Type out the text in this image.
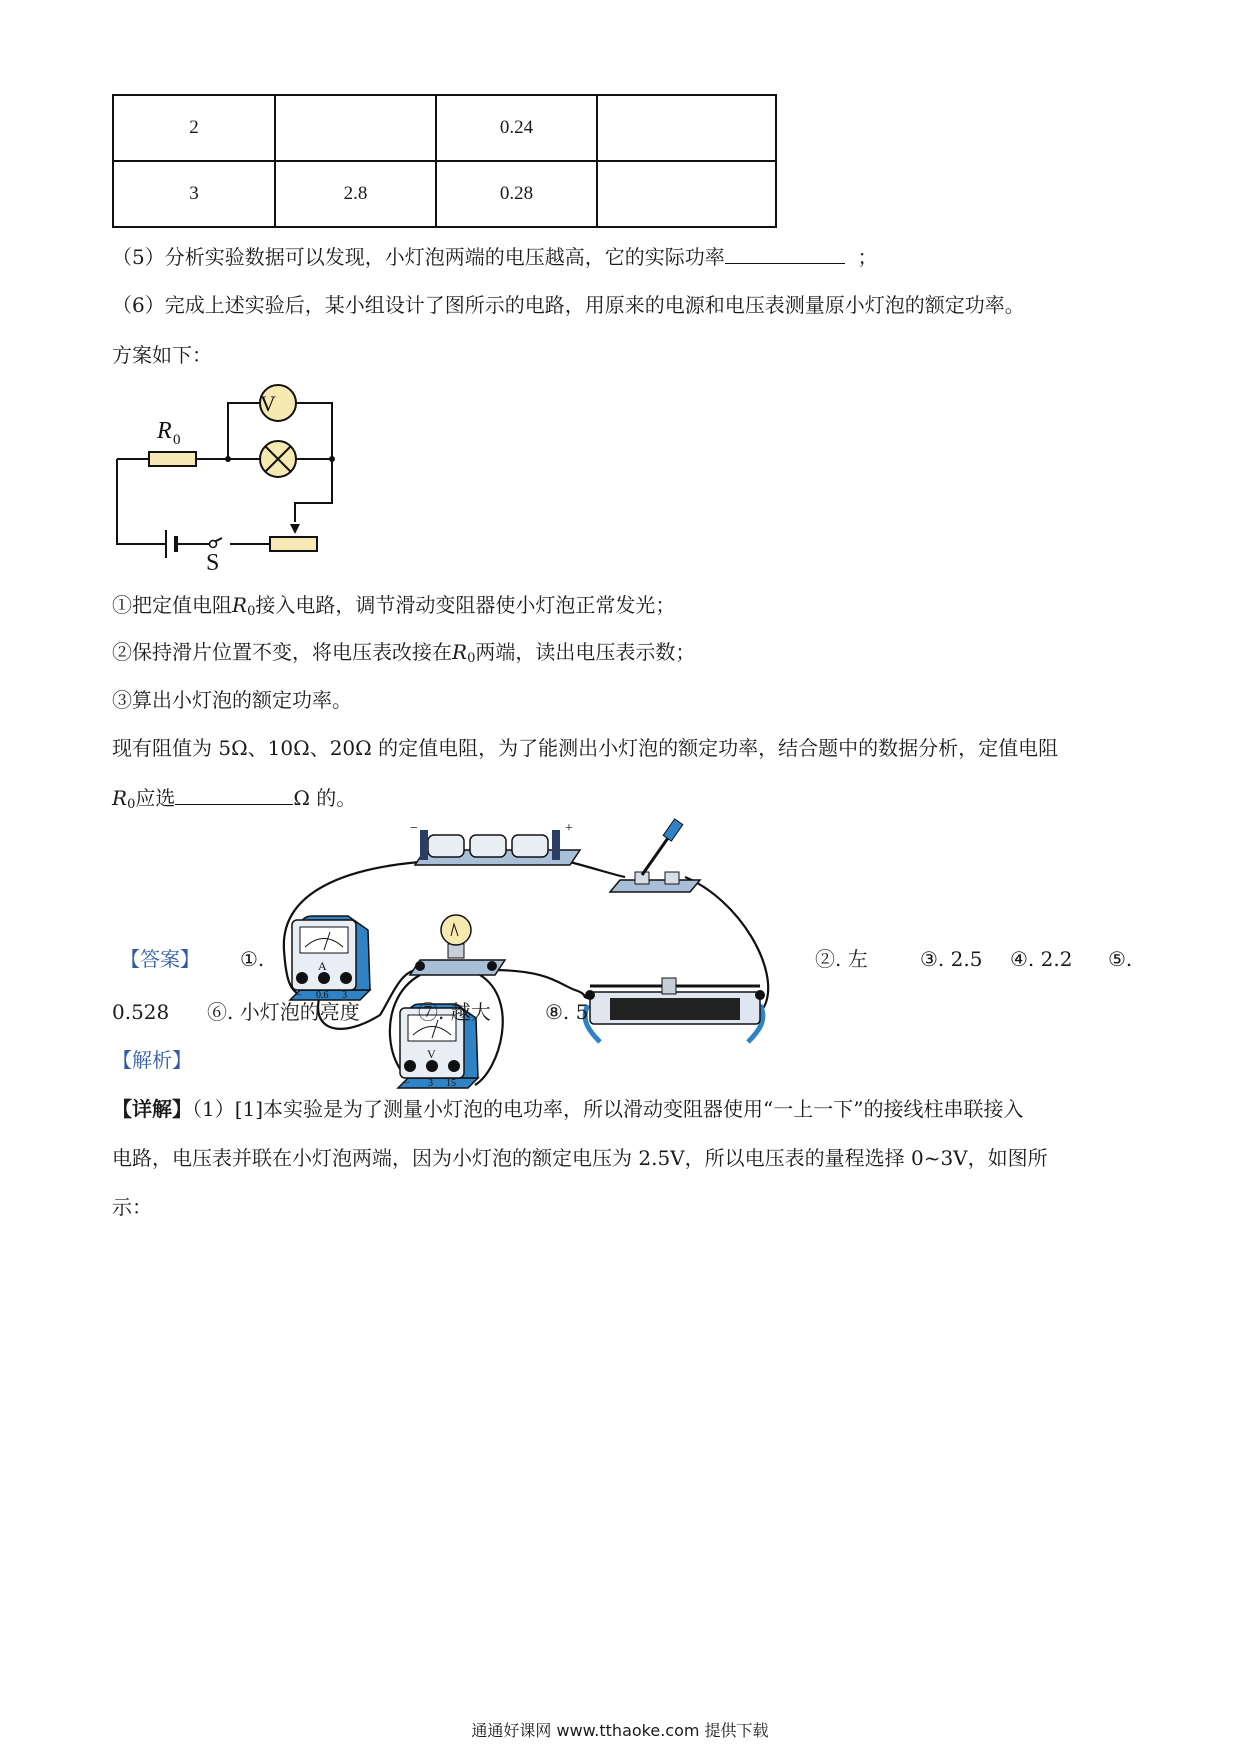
2		0.24	
3	2.8	0.28	
（5）分析实验数据可以发现，小灯泡两端的电压越高，它的实际功率	；
（6）完成上述实验后，某小组设计了图所示的电路，用原来的电源和电压表测量原小灯泡的额定功率。
方案如下：
V
R 0
S
①把定值电阻$R_0$接入电路，调节滑动变阻器使小灯泡正常发光；
②保持滑片位置不变，将电压表改接在$R_0$两端，读出电压表示数；
③算出小灯泡的额定功率。
现有阻值为 5Ω、10Ω、20Ω 的定值电阻，为了能测出小灯泡的额定功率，结合题中的数据分析，定值电阻
$R_0$应选	Ω 的。
【答案】 ①.	②. 左	③. 2.5 ④. 2.2 ⑤.
−	+
A
− 0.6 3
V
− 3 15
0.528 ⑥. 小灯泡的亮度	⑦. 越大	⑧. 5
【解析】
【详解】（1）[1]本实验是为了测量小灯泡的电功率，所以滑动变阻器使用“一上一下”的接线柱串联接入
电路，电压表并联在小灯泡两端，因为小灯泡的额定电压为 2.5V，所以电压表的量程选择 0~3V，如图所
示：
通通好课网 www.tthaoke.com 提供下载
